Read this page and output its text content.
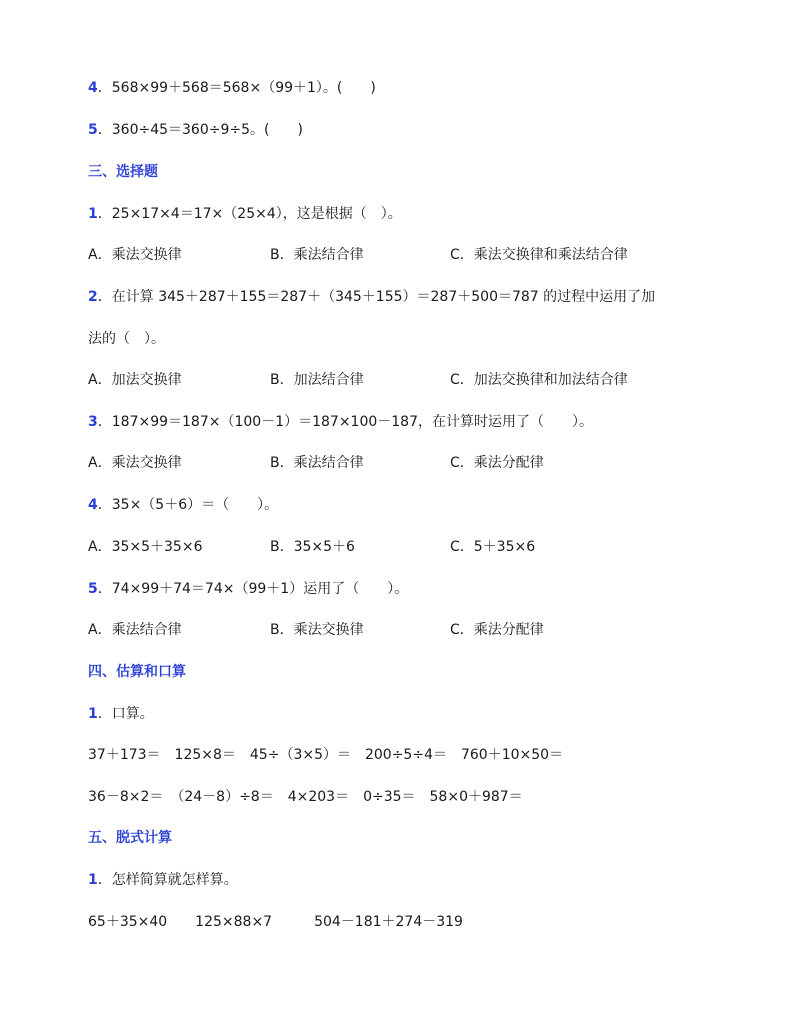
4．568×99＋568＝568×（99＋1）。(　　)
5．360÷45＝360÷9÷5。(　　)
三、选择题
1．25×17×4＝17×（25×4），这是根据（　）。
A．乘法交换律	B．乘法结合律	C．乘法交换律和乘法结合律
2．在计算 345＋287＋155＝287＋（345＋155）＝287＋500＝787 的过程中运用了加
法的（　）。
A．加法交换律	B．加法结合律	C．加法交换律和加法结合律
3．187×99＝187×（100－1）＝187×100－187，在计算时运用了（　　）。
A．乘法交换律	B．乘法结合律	C．乘法分配律
4．35×（5＋6）＝（　　）。
A．35×5＋35×6	B．35×5＋6	C．5＋35×6
5．74×99＋74＝74×（99＋1）运用了（　　）。
A．乘法结合律	B．乘法交换律	C．乘法分配律
四、估算和口算
1．口算。
37＋173＝　125×8＝　45÷（3×5）＝　200÷5÷4＝　760＋10×50＝
36－8×2＝　（24－8）÷8＝　4×203＝　0÷35＝　58×0＋987＝
五、脱式计算
1．怎样简算就怎样算。
65＋35×40　　125×88×7　　　504－181＋274－319
